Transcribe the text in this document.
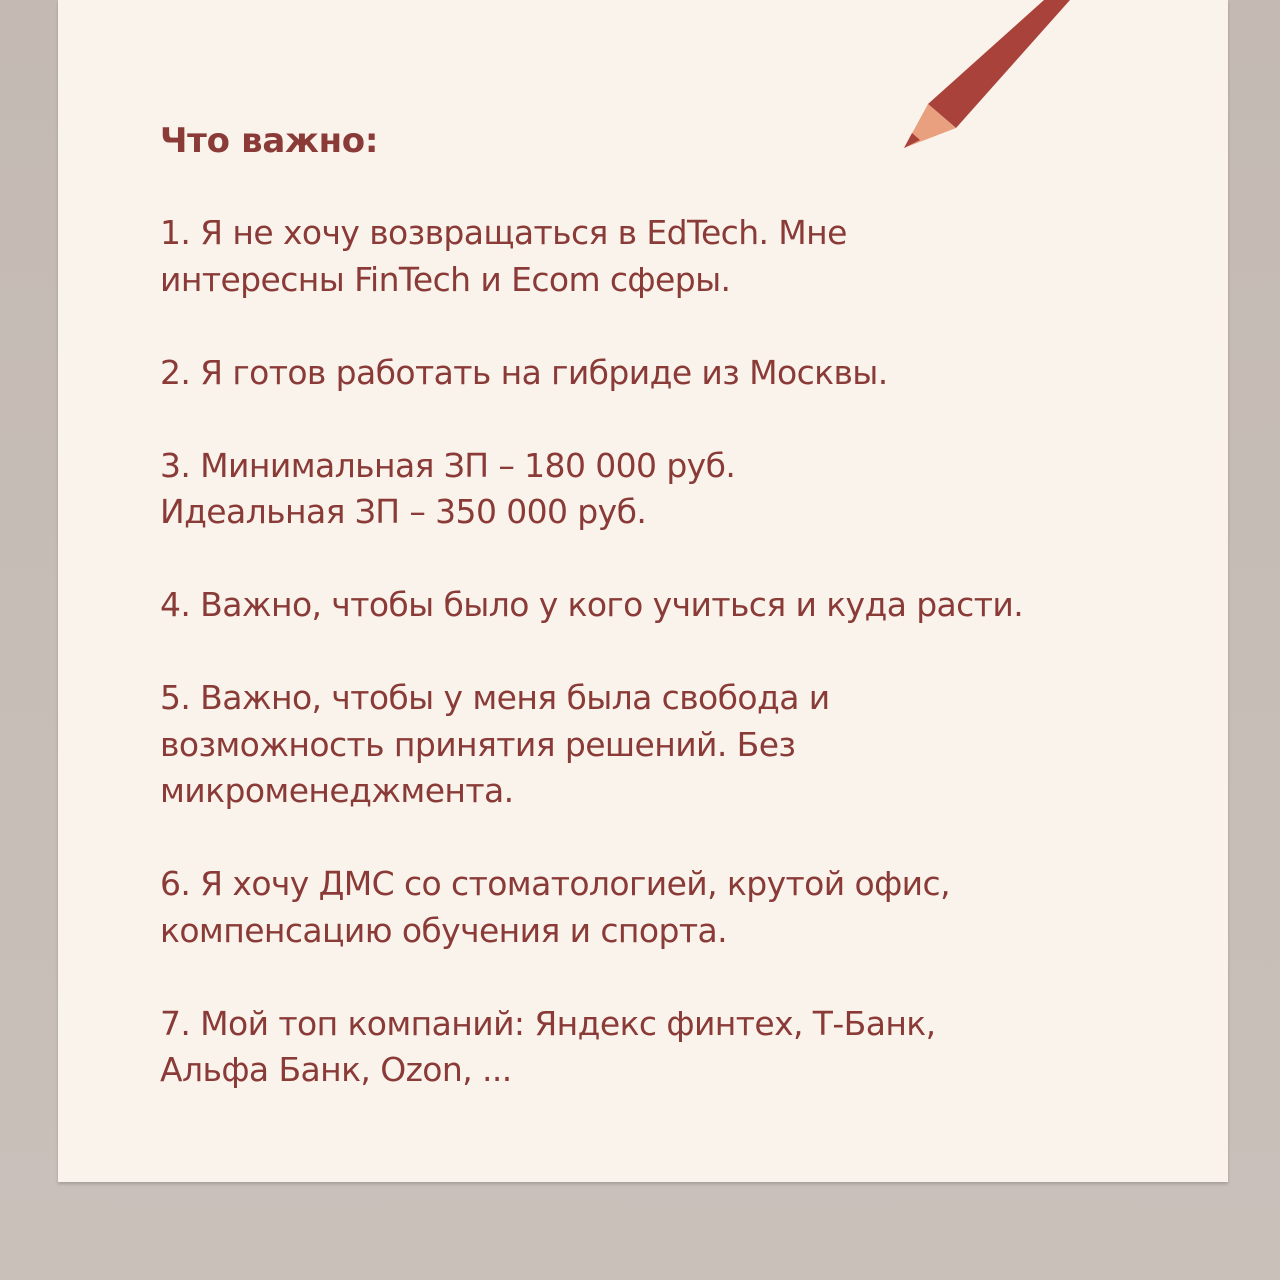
Что важно:
1. Я не хочу возвращаться в EdTech. Мне
интересны FinTech и Ecom сферы.
2. Я готов работать на гибриде из Москвы.
3. Минимальная ЗП – 180 000 руб.
Идеальная ЗП – 350 000 руб.
4. Важно, чтобы было у кого учиться и куда расти.
5. Важно, чтобы у меня была свобода и
возможность принятия решений. Без
микроменеджмента.
6. Я хочу ДМС со стоматологией, крутой офис,
компенсацию обучения и спорта.
7. Мой топ компаний: Яндекс финтех, Т-Банк,
Альфа Банк, Ozon, ...
